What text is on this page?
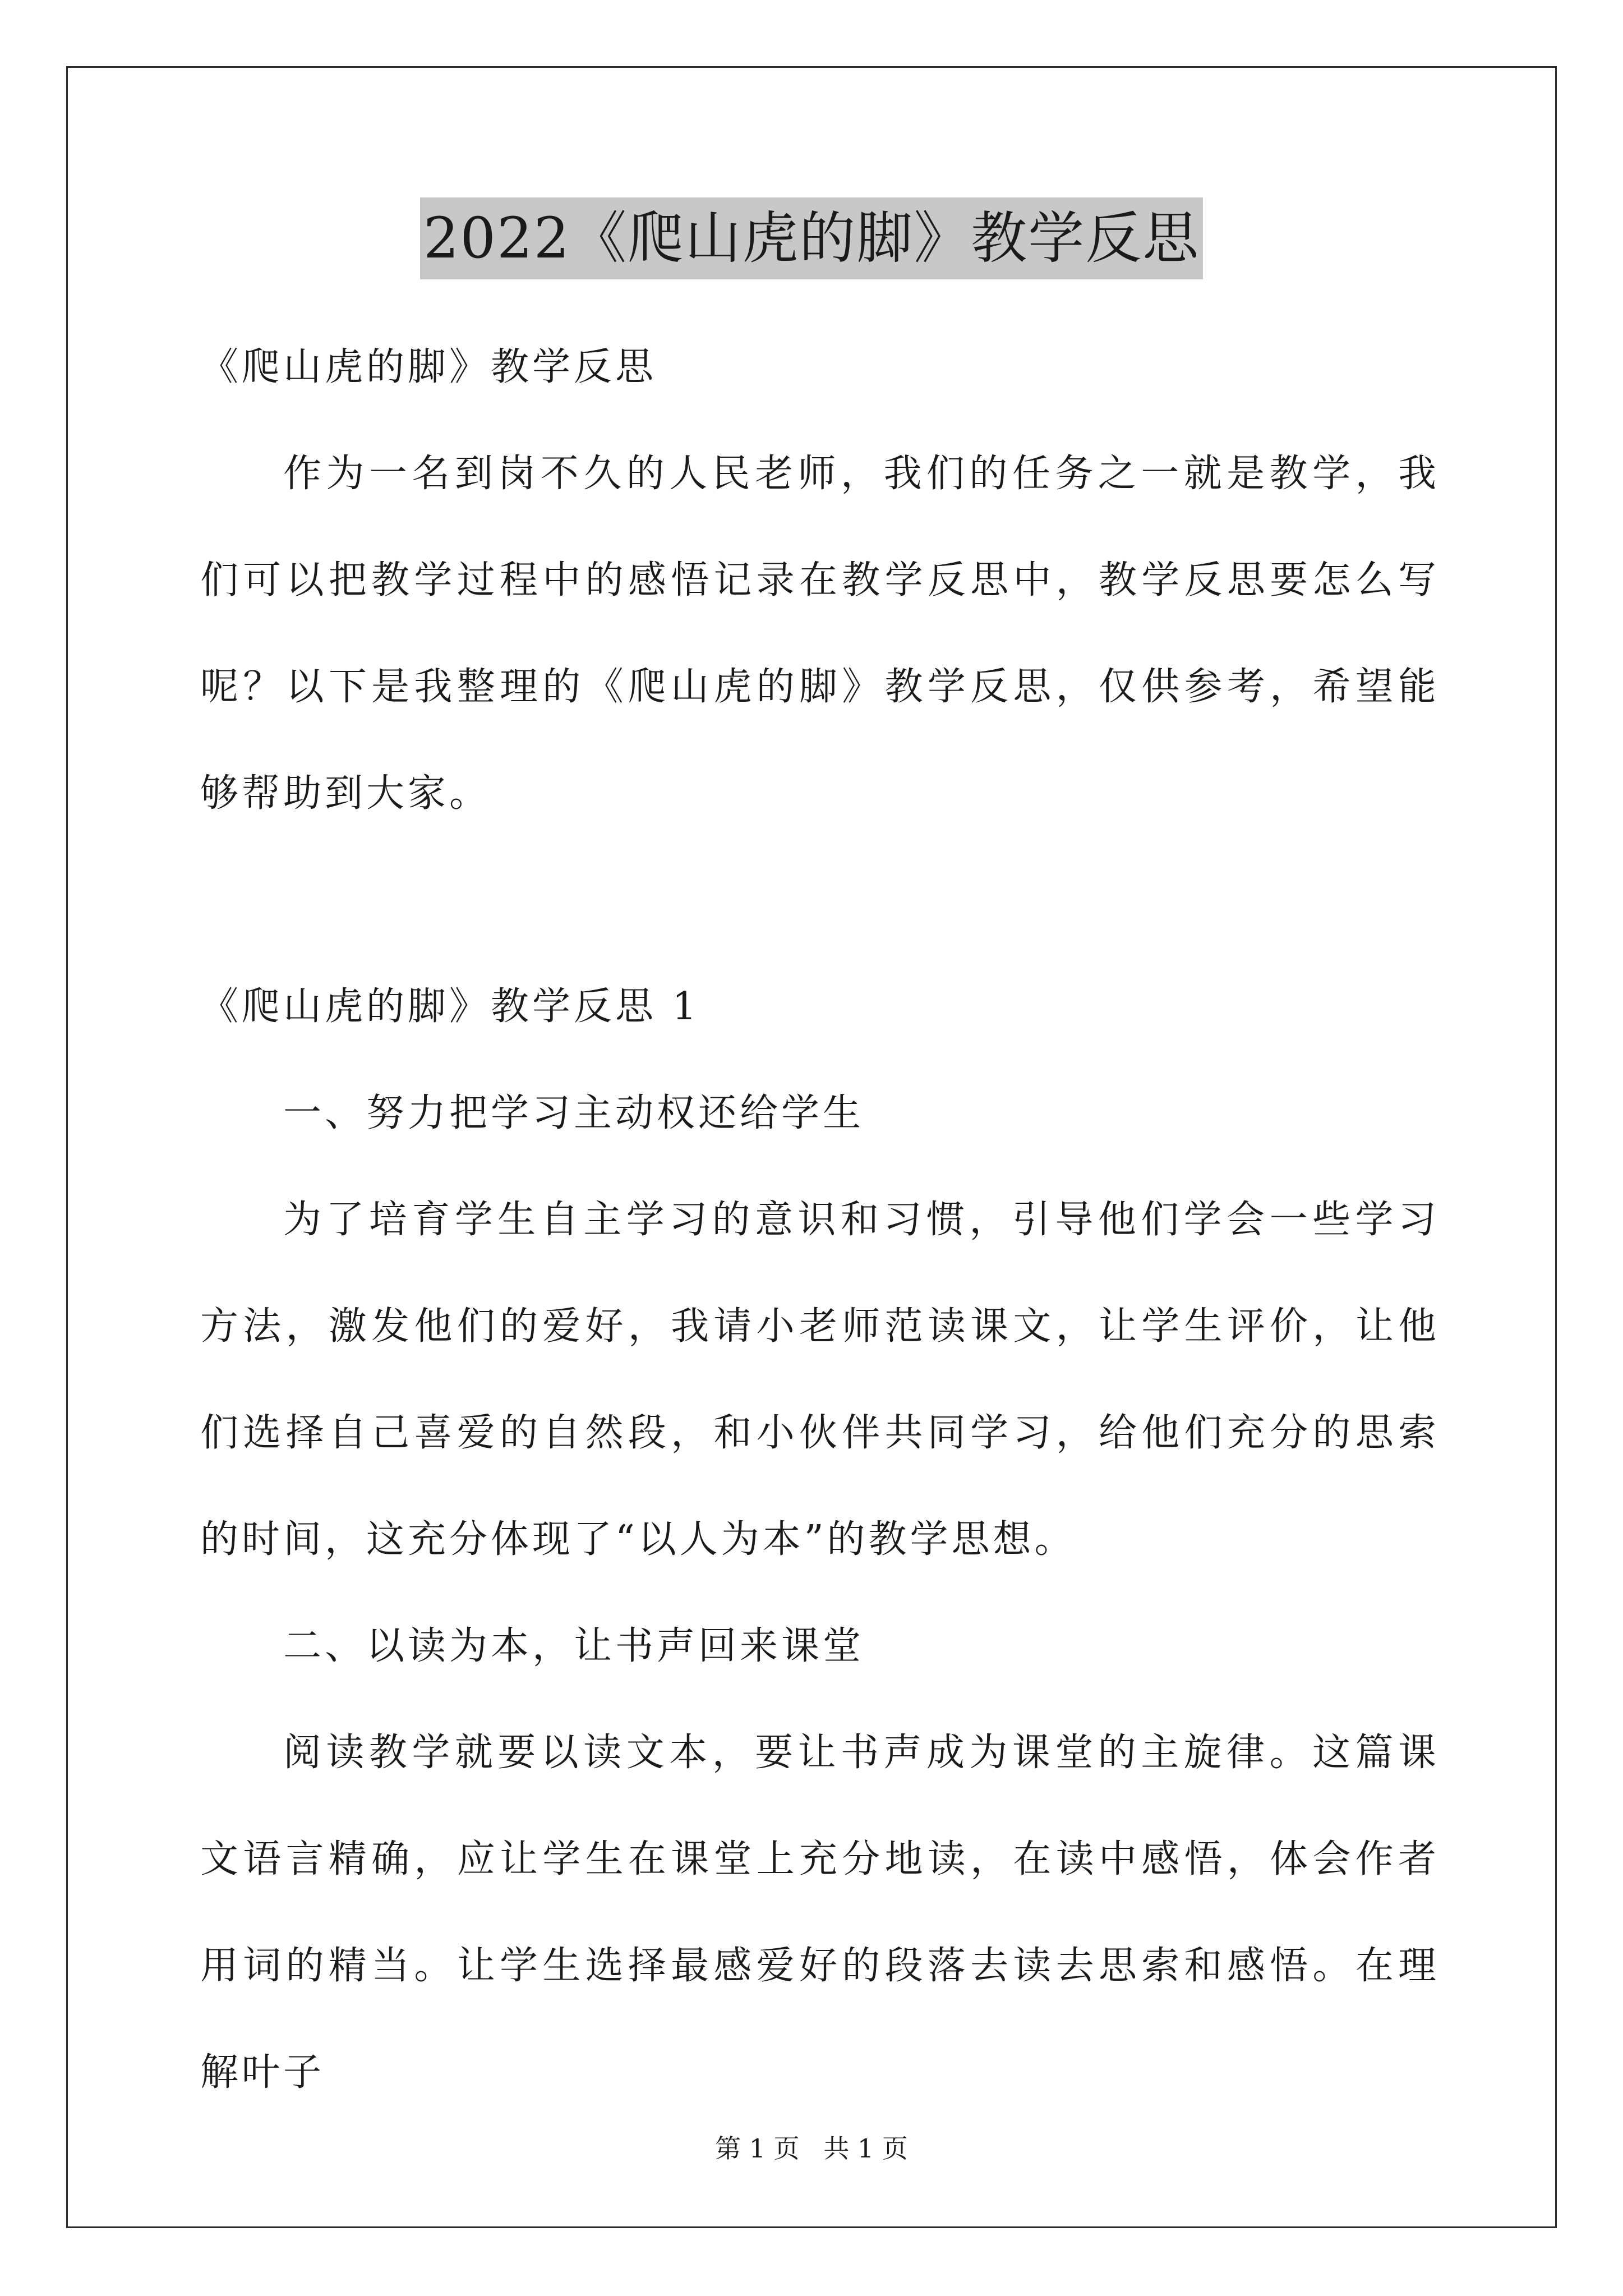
2022《爬山虎的脚》教学反思

《爬山虎的脚》教学反思

作为一名到岗不久的人民老师，我们的任务之一就是教学，我们可以把教学过程中的感悟记录在教学反思中，教学反思要怎么写呢？以下是我整理的《爬山虎的脚》教学反思，仅供参考，希望能够帮助到大家。

《爬山虎的脚》教学反思 1

一、努力把学习主动权还给学生

为了培育学生自主学习的意识和习惯，引导他们学会一些学习方法，激发他们的爱好，我请小老师范读课文，让学生评价，让他们选择自己喜爱的自然段，和小伙伴共同学习，给他们充分的思索的时间，这充分体现了“以人为本”的教学思想。

二、以读为本，让书声回来课堂

阅读教学就要以读文本，要让书声成为课堂的主旋律。这篇课文语言精确，应让学生在课堂上充分地读，在读中感悟，体会作者用词的精当。让学生选择最感爱好的段落去读去思索和感悟。在理解叶子

第 1 页 共 1 页
